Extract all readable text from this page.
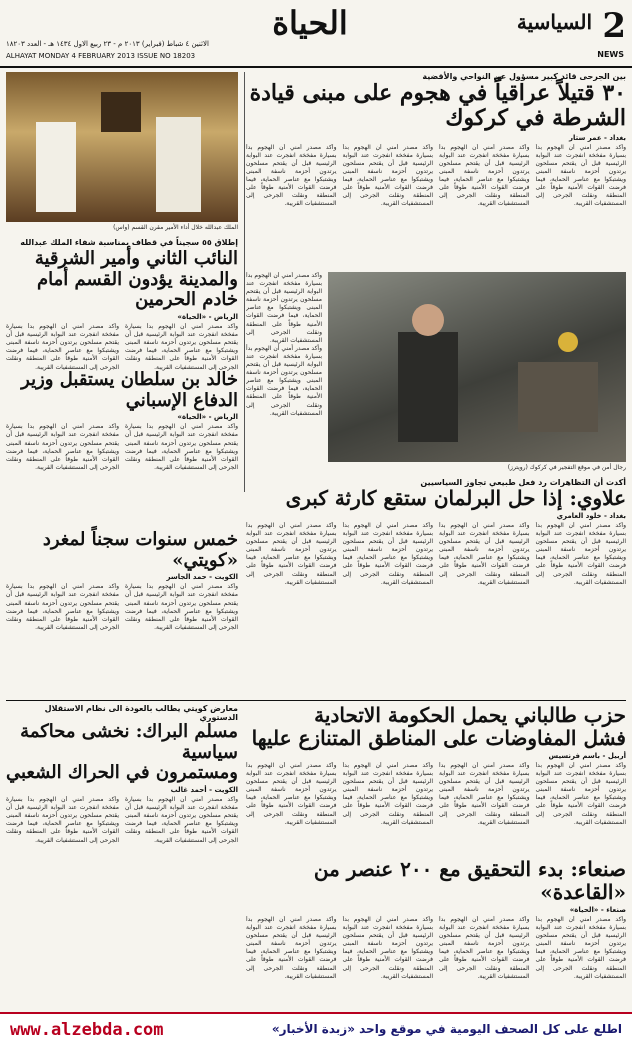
2
NEWS
السياسية
الحياة
الاثنين ٤ شباط (فبراير) ٢٠١٣ م - ٢٣ ربيع الاول ١٤٣٤ هـ - العدد ١٨٢٠٣
ALHAYAT MONDAY 4 FEBRUARY 2013 ISSUE NO 18203
بين الجرحى قائد كبير مسؤول عن النواحي والأقضية
٣٠ قتيلاً عراقياً في هجوم على مبنى قيادة الشرطة في كركوك
بغداد - عمر ستار
وأكد مصدر أمني أن الهجوم بدأ بسيارة مفخخة انفجرت عند البوابة الرئيسية قبل أن يقتحم مسلحون يرتدون أحزمة ناسفة المبنى ويشتبكوا مع عناصر الحماية، فيما فرضت القوات الأمنية طوقاً على المنطقة ونقلت الجرحى إلى المستشفيات القريبة.
وأكد مصدر أمني أن الهجوم بدأ بسيارة مفخخة انفجرت عند البوابة الرئيسية قبل أن يقتحم مسلحون يرتدون أحزمة ناسفة المبنى ويشتبكوا مع عناصر الحماية، فيما فرضت القوات الأمنية طوقاً على المنطقة ونقلت الجرحى إلى المستشفيات القريبة.
وأكد مصدر أمني أن الهجوم بدأ بسيارة مفخخة انفجرت عند البوابة الرئيسية قبل أن يقتحم مسلحون يرتدون أحزمة ناسفة المبنى ويشتبكوا مع عناصر الحماية، فيما فرضت القوات الأمنية طوقاً على المنطقة ونقلت الجرحى إلى المستشفيات القريبة.
وأكد مصدر أمني أن الهجوم بدأ بسيارة مفخخة انفجرت عند البوابة الرئيسية قبل أن يقتحم مسلحون يرتدون أحزمة ناسفة المبنى ويشتبكوا مع عناصر الحماية، فيما فرضت القوات الأمنية طوقاً على المنطقة ونقلت الجرحى إلى المستشفيات القريبة.
رجال أمن في موقع التفجير في كركوك (رويترز)
وأكد مصدر أمني أن الهجوم بدأ بسيارة مفخخة انفجرت عند البوابة الرئيسية قبل أن يقتحم مسلحون يرتدون أحزمة ناسفة المبنى ويشتبكوا مع عناصر الحماية، فيما فرضت القوات الأمنية طوقاً على المنطقة ونقلت الجرحى إلى المستشفيات القريبة.
وأكد مصدر أمني أن الهجوم بدأ بسيارة مفخخة انفجرت عند البوابة الرئيسية قبل أن يقتحم مسلحون يرتدون أحزمة ناسفة المبنى ويشتبكوا مع عناصر الحماية، فيما فرضت القوات الأمنية طوقاً على المنطقة ونقلت الجرحى إلى المستشفيات القريبة.
الملك عبدالله خلال أداء الأمير مقرن القسم (واس)
إطلاق ٥٥ سجيناً في قطاف بمناسبة شفاء الملك عبدالله
النائب الثاني وأمير الشرقية والمدينة يؤدون القسم أمام خادم الحرمين
الرياض - «الحياة»
وأكد مصدر أمني أن الهجوم بدأ بسيارة مفخخة انفجرت عند البوابة الرئيسية قبل أن يقتحم مسلحون يرتدون أحزمة ناسفة المبنى ويشتبكوا مع عناصر الحماية، فيما فرضت القوات الأمنية طوقاً على المنطقة ونقلت الجرحى إلى المستشفيات القريبة.
وأكد مصدر أمني أن الهجوم بدأ بسيارة مفخخة انفجرت عند البوابة الرئيسية قبل أن يقتحم مسلحون يرتدون أحزمة ناسفة المبنى ويشتبكوا مع عناصر الحماية، فيما فرضت القوات الأمنية طوقاً على المنطقة ونقلت الجرحى إلى المستشفيات القريبة.
خالد بن سلطان يستقبل وزير الدفاع الإسباني
الرياض - «الحياة»
وأكد مصدر أمني أن الهجوم بدأ بسيارة مفخخة انفجرت عند البوابة الرئيسية قبل أن يقتحم مسلحون يرتدون أحزمة ناسفة المبنى ويشتبكوا مع عناصر الحماية، فيما فرضت القوات الأمنية طوقاً على المنطقة ونقلت الجرحى إلى المستشفيات القريبة.
وأكد مصدر أمني أن الهجوم بدأ بسيارة مفخخة انفجرت عند البوابة الرئيسية قبل أن يقتحم مسلحون يرتدون أحزمة ناسفة المبنى ويشتبكوا مع عناصر الحماية، فيما فرضت القوات الأمنية طوقاً على المنطقة ونقلت الجرحى إلى المستشفيات القريبة.
أكدت أن التظاهرات رد فعل طبيعي تجاوز السياسيين
علاوي: إذا حل البرلمان ستقع كارثة كبرى
بغداد - خلود العامري
وأكد مصدر أمني أن الهجوم بدأ بسيارة مفخخة انفجرت عند البوابة الرئيسية قبل أن يقتحم مسلحون يرتدون أحزمة ناسفة المبنى ويشتبكوا مع عناصر الحماية، فيما فرضت القوات الأمنية طوقاً على المنطقة ونقلت الجرحى إلى المستشفيات القريبة.
وأكد مصدر أمني أن الهجوم بدأ بسيارة مفخخة انفجرت عند البوابة الرئيسية قبل أن يقتحم مسلحون يرتدون أحزمة ناسفة المبنى ويشتبكوا مع عناصر الحماية، فيما فرضت القوات الأمنية طوقاً على المنطقة ونقلت الجرحى إلى المستشفيات القريبة.
وأكد مصدر أمني أن الهجوم بدأ بسيارة مفخخة انفجرت عند البوابة الرئيسية قبل أن يقتحم مسلحون يرتدون أحزمة ناسفة المبنى ويشتبكوا مع عناصر الحماية، فيما فرضت القوات الأمنية طوقاً على المنطقة ونقلت الجرحى إلى المستشفيات القريبة.
وأكد مصدر أمني أن الهجوم بدأ بسيارة مفخخة انفجرت عند البوابة الرئيسية قبل أن يقتحم مسلحون يرتدون أحزمة ناسفة المبنى ويشتبكوا مع عناصر الحماية، فيما فرضت القوات الأمنية طوقاً على المنطقة ونقلت الجرحى إلى المستشفيات القريبة.
خمس سنوات سجناً لمغرد «كويتي»
الكويت - حمد الجاسر
وأكد مصدر أمني أن الهجوم بدأ بسيارة مفخخة انفجرت عند البوابة الرئيسية قبل أن يقتحم مسلحون يرتدون أحزمة ناسفة المبنى ويشتبكوا مع عناصر الحماية، فيما فرضت القوات الأمنية طوقاً على المنطقة ونقلت الجرحى إلى المستشفيات القريبة.
وأكد مصدر أمني أن الهجوم بدأ بسيارة مفخخة انفجرت عند البوابة الرئيسية قبل أن يقتحم مسلحون يرتدون أحزمة ناسفة المبنى ويشتبكوا مع عناصر الحماية، فيما فرضت القوات الأمنية طوقاً على المنطقة ونقلت الجرحى إلى المستشفيات القريبة.
حزب طالباني يحمل الحكومة الاتحادية
فشل المفاوضات على المناطق المتنازع عليها
أربيل - باسم فرنسيس
وأكد مصدر أمني أن الهجوم بدأ بسيارة مفخخة انفجرت عند البوابة الرئيسية قبل أن يقتحم مسلحون يرتدون أحزمة ناسفة المبنى ويشتبكوا مع عناصر الحماية، فيما فرضت القوات الأمنية طوقاً على المنطقة ونقلت الجرحى إلى المستشفيات القريبة.
وأكد مصدر أمني أن الهجوم بدأ بسيارة مفخخة انفجرت عند البوابة الرئيسية قبل أن يقتحم مسلحون يرتدون أحزمة ناسفة المبنى ويشتبكوا مع عناصر الحماية، فيما فرضت القوات الأمنية طوقاً على المنطقة ونقلت الجرحى إلى المستشفيات القريبة.
وأكد مصدر أمني أن الهجوم بدأ بسيارة مفخخة انفجرت عند البوابة الرئيسية قبل أن يقتحم مسلحون يرتدون أحزمة ناسفة المبنى ويشتبكوا مع عناصر الحماية، فيما فرضت القوات الأمنية طوقاً على المنطقة ونقلت الجرحى إلى المستشفيات القريبة.
وأكد مصدر أمني أن الهجوم بدأ بسيارة مفخخة انفجرت عند البوابة الرئيسية قبل أن يقتحم مسلحون يرتدون أحزمة ناسفة المبنى ويشتبكوا مع عناصر الحماية، فيما فرضت القوات الأمنية طوقاً على المنطقة ونقلت الجرحى إلى المستشفيات القريبة.
معارض كويتي يطالب بالعودة الى نظام الاستقلال الدستوري
مسلم البراك: نخشى محاكمة سياسية
ومستمرون في الحراك الشعبي
الكويت - أحمد غالب
وأكد مصدر أمني أن الهجوم بدأ بسيارة مفخخة انفجرت عند البوابة الرئيسية قبل أن يقتحم مسلحون يرتدون أحزمة ناسفة المبنى ويشتبكوا مع عناصر الحماية، فيما فرضت القوات الأمنية طوقاً على المنطقة ونقلت الجرحى إلى المستشفيات القريبة.
وأكد مصدر أمني أن الهجوم بدأ بسيارة مفخخة انفجرت عند البوابة الرئيسية قبل أن يقتحم مسلحون يرتدون أحزمة ناسفة المبنى ويشتبكوا مع عناصر الحماية، فيما فرضت القوات الأمنية طوقاً على المنطقة ونقلت الجرحى إلى المستشفيات القريبة.
صنعاء: بدء التحقيق مع ٢٠٠ عنصر من «القاعدة»
صنعاء - «الحياة»
وأكد مصدر أمني أن الهجوم بدأ بسيارة مفخخة انفجرت عند البوابة الرئيسية قبل أن يقتحم مسلحون يرتدون أحزمة ناسفة المبنى ويشتبكوا مع عناصر الحماية، فيما فرضت القوات الأمنية طوقاً على المنطقة ونقلت الجرحى إلى المستشفيات القريبة.
وأكد مصدر أمني أن الهجوم بدأ بسيارة مفخخة انفجرت عند البوابة الرئيسية قبل أن يقتحم مسلحون يرتدون أحزمة ناسفة المبنى ويشتبكوا مع عناصر الحماية، فيما فرضت القوات الأمنية طوقاً على المنطقة ونقلت الجرحى إلى المستشفيات القريبة.
وأكد مصدر أمني أن الهجوم بدأ بسيارة مفخخة انفجرت عند البوابة الرئيسية قبل أن يقتحم مسلحون يرتدون أحزمة ناسفة المبنى ويشتبكوا مع عناصر الحماية، فيما فرضت القوات الأمنية طوقاً على المنطقة ونقلت الجرحى إلى المستشفيات القريبة.
وأكد مصدر أمني أن الهجوم بدأ بسيارة مفخخة انفجرت عند البوابة الرئيسية قبل أن يقتحم مسلحون يرتدون أحزمة ناسفة المبنى ويشتبكوا مع عناصر الحماية، فيما فرضت القوات الأمنية طوقاً على المنطقة ونقلت الجرحى إلى المستشفيات القريبة.
www.alzebda.com	اطلع على كل الصحف اليومية في موقع واحد «زبدة الأخبار»
